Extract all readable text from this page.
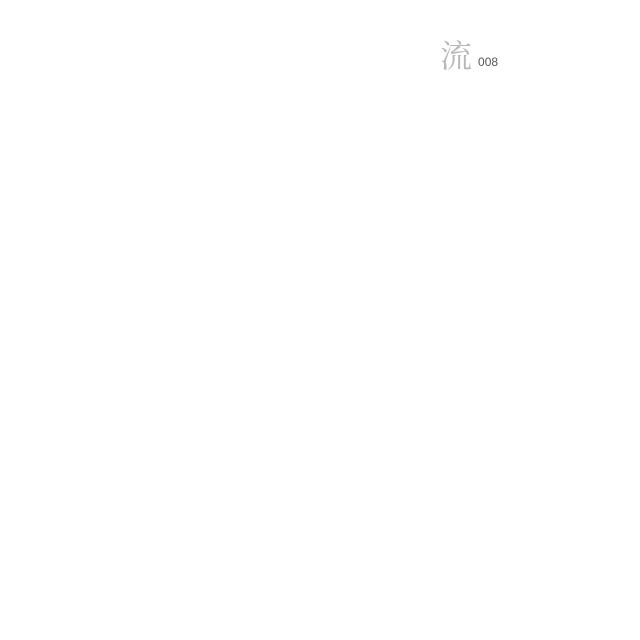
流 008
